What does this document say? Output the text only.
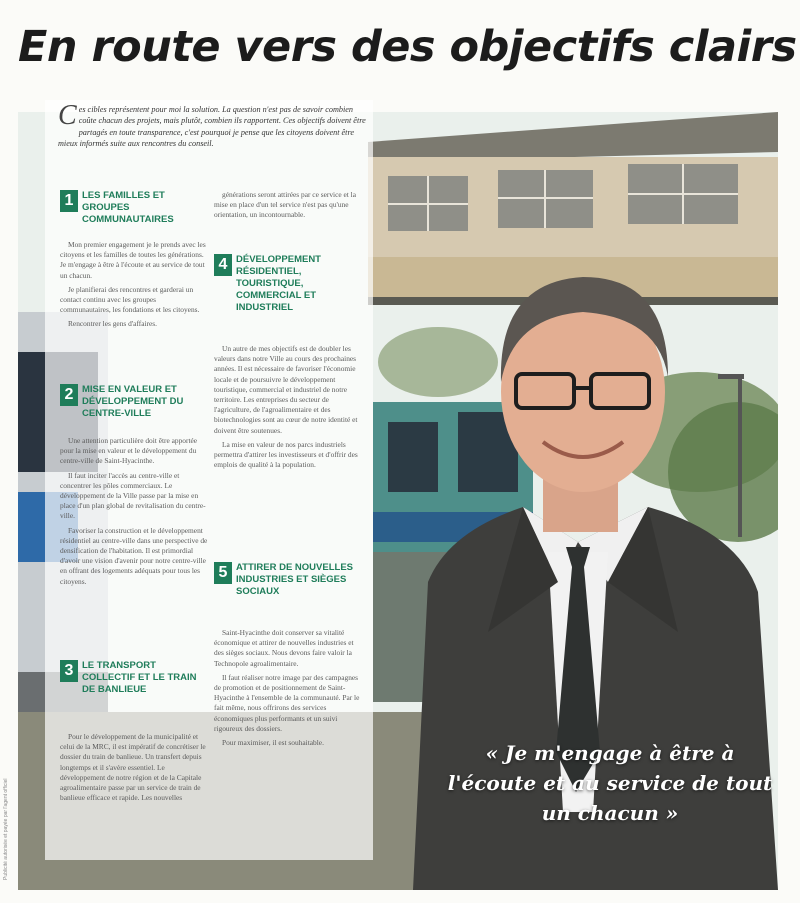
En route vers des objectifs clairs
C es cibles représentent pour moi la solution. La question n'est pas de savoir combien coûte chacun des projets, mais plutôt, combien ils rapportent. Ces objectifs doivent être partagés en toute transparence, c'est pourquoi je pense que les citoyens doivent être mieux informés suite aux rencontres du conseil.
1 LES FAMILLES ET GROUPES COMMUNAUTAIRES

Mon premier engagement je le prends avec les citoyens et les familles de toutes les générations. Je m'engage à être à l'écoute et au service de tout un chacun.

Je planifierai des rencontres et garderai un contact continu avec les groupes communautaires, les fondations et les citoyens.

Rencontrer les gens d'affaires.

2 MISE EN VALEUR ET DÉVELOPPEMENT DU CENTRE-VILLE

Une attention particulière doit être apportée pour la mise en valeur et le développement du centre-ville de Saint-Hyacinthe.

Il faut inciter l'accès au centre-ville et concentrer les pôles commerciaux. Le développement de la Ville passe par la mise en place d'un plan global de revitalisation du centre-ville.

Favoriser la construction et le développement résidentiel au centre-ville dans une perspective de densification de l'habitation. Il est primordial d'avoir une vision d'avenir pour notre centre-ville en offrant des logements adéquats pour tous les citoyens.

3 LE TRANSPORT COLLECTIF ET LE TRAIN DE BANLIEUE

Pour le développement de la municipalité et celui de la MRC, il est impératif de concrétiser le dossier du train de banlieue. Un transfert depuis longtemps et il s'avère essentiel. Le développement de notre région et de la Capitale agroalimentaire passe par un service de train de banlieue efficace et rapide. Les nouvelles

générations seront attirées par ce service et la mise en place d'un tel service n'est pas qu'une orientation, un incontournable.

4 DÉVELOPPEMENT RÉSIDENTIEL, TOURISTIQUE, COMMERCIAL ET INDUSTRIEL

Un autre de mes objectifs est de doubler les valeurs dans notre Ville au cours des prochaines années. Il est nécessaire de favoriser l'économie locale et de poursuivre le développement touristique, commercial et industriel de notre territoire. Les entreprises du secteur de l'agriculture, de l'agroalimentaire et des biotechnologies sont au cœur de notre identité et doivent être soutenues.

La mise en valeur de nos parcs industriels permettra d'attirer les investisseurs et d'offrir des emplois de qualité à la population.

5 ATTIRER DE NOUVELLES INDUSTRIES ET SIÈGES SOCIAUX

Saint-Hyacinthe doit conserver sa vitalité économique et attirer de nouvelles industries et des sièges sociaux. Nous devons faire valoir la Technopole agroalimentaire.

Il faut réaliser notre image par des campagnes de promotion et de positionnement de Saint-Hyacinthe à l'ensemble de la communauté. Par le fait même, nous offrirons des services économiques plus performants et un suivi rigoureux des dossiers.

Pour maximiser, il est souhaitable.	« Je m'engage à être à l'écoute et au service de tout un chacun »
Publicité autorisée et payée par l'agent officiel
